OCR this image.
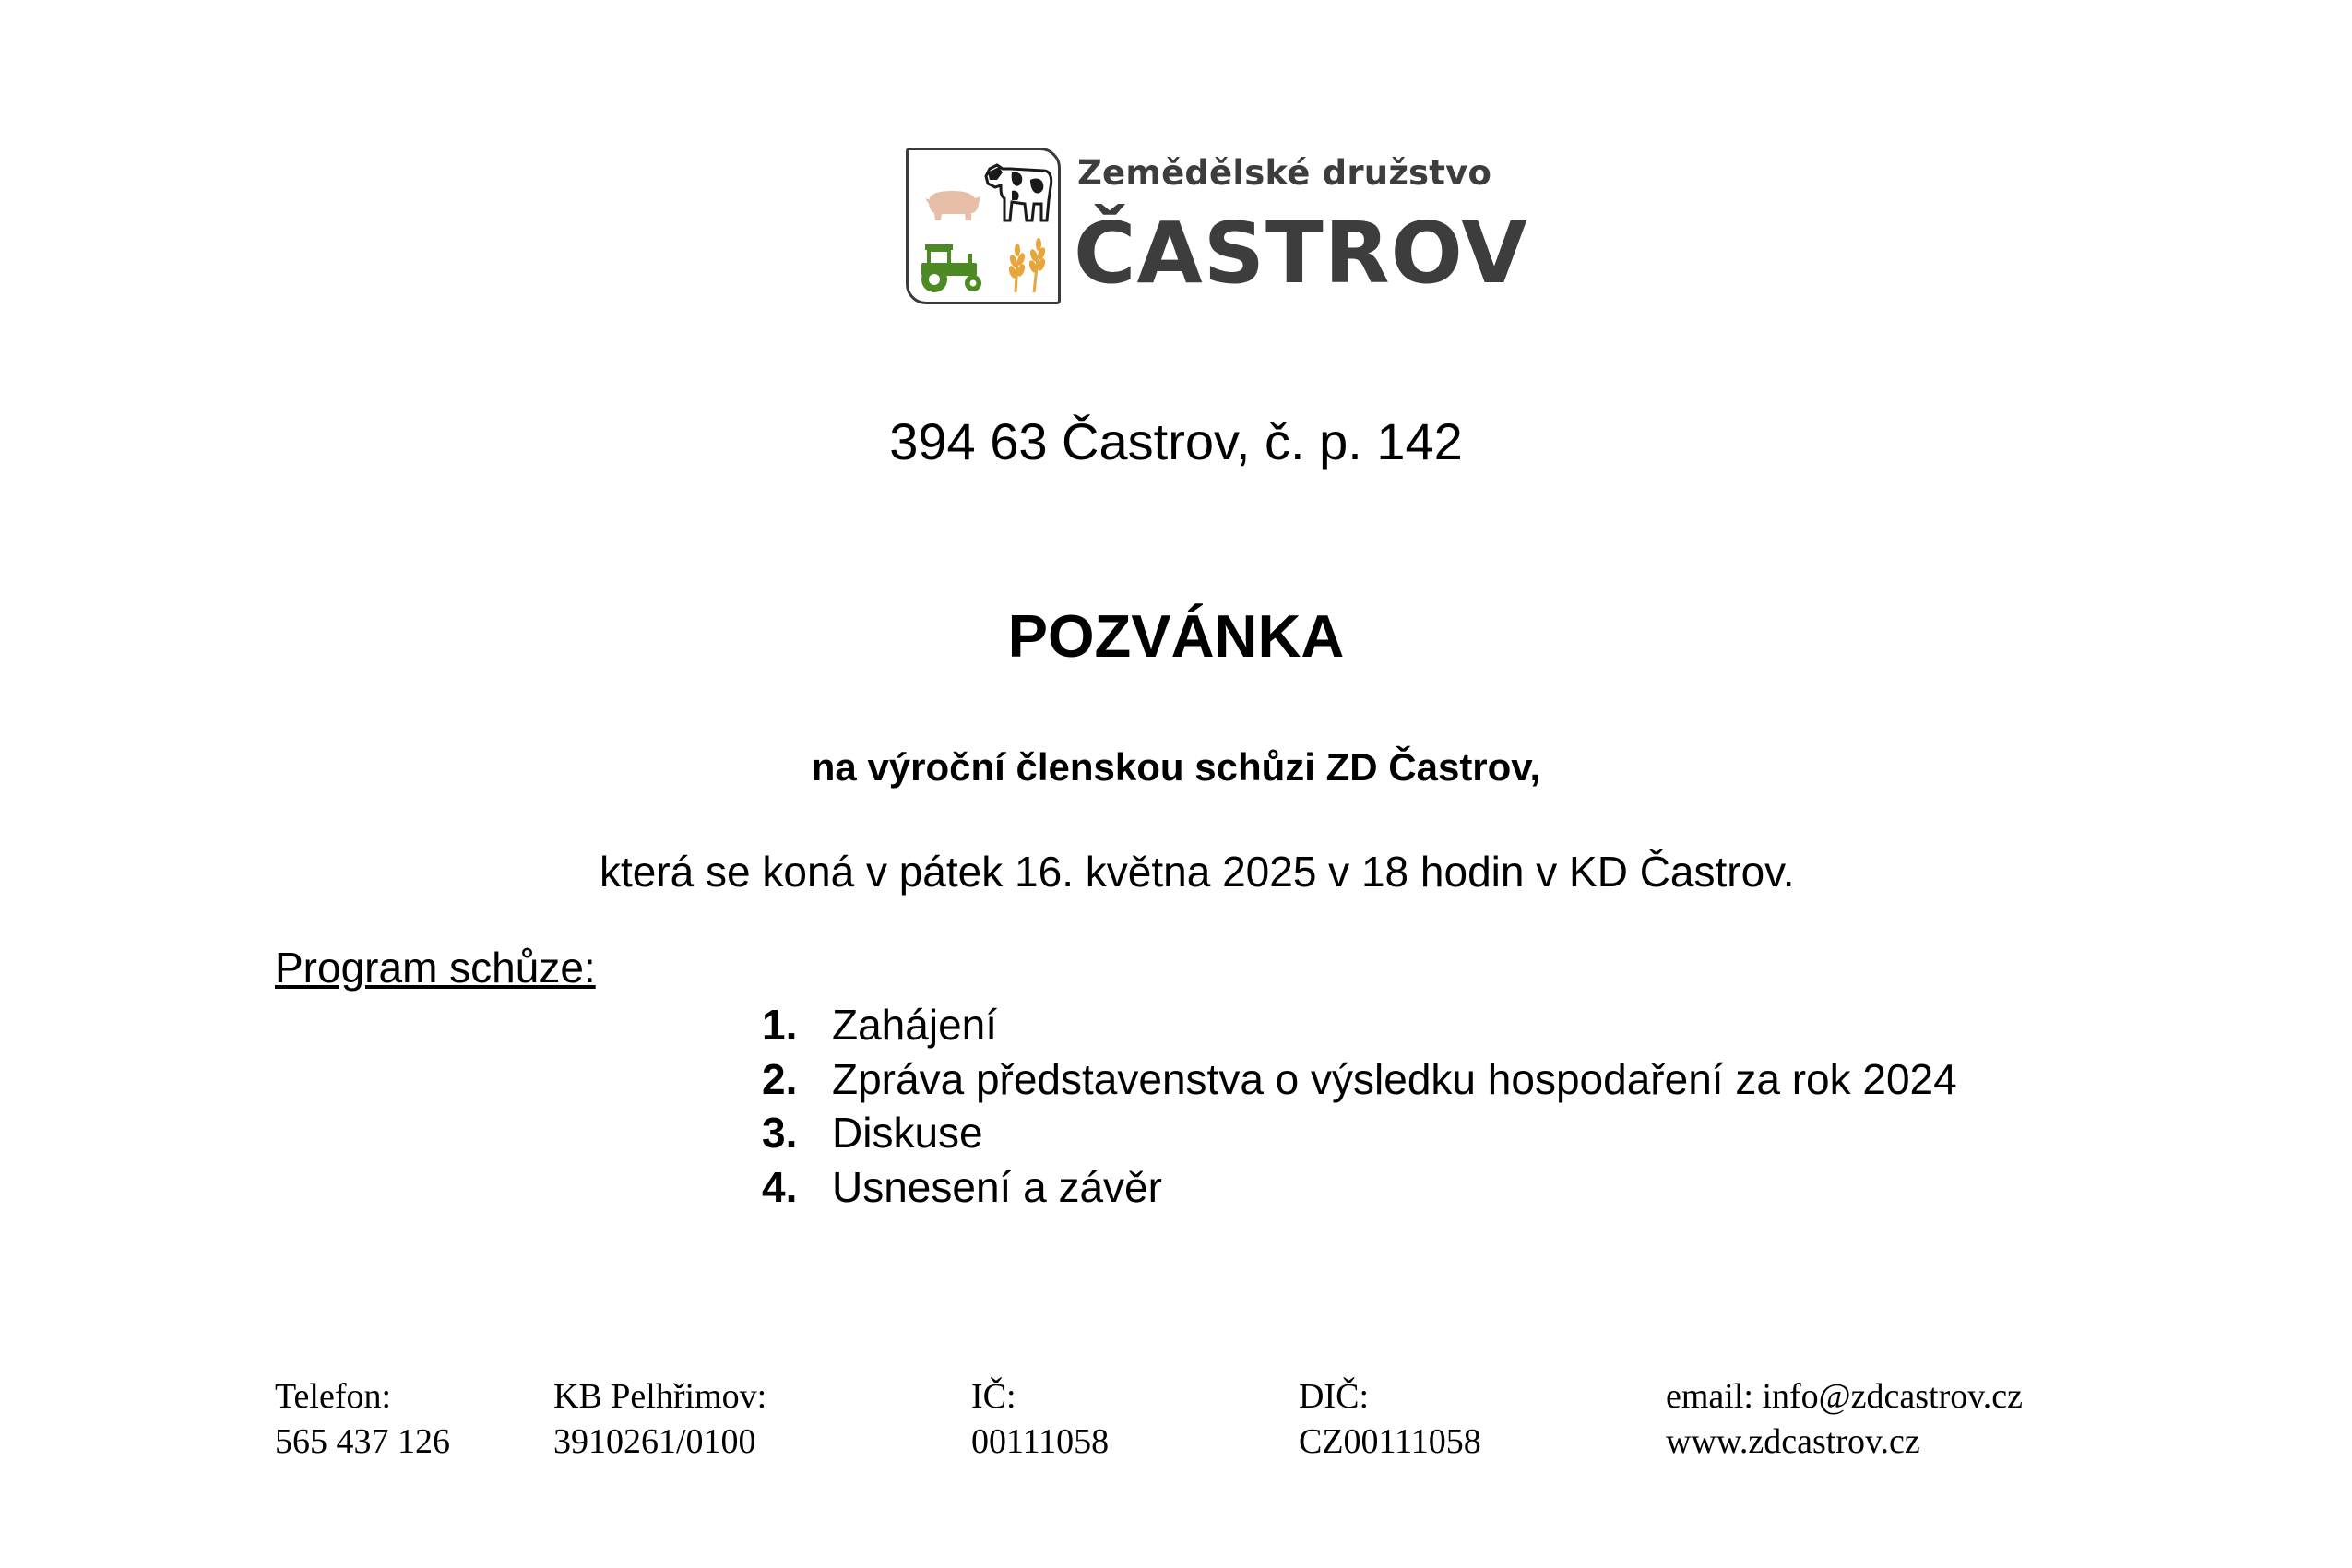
Zemědělské družstvo
ČASTROV
394 63 Častrov, č. p. 142
POZVÁNKA
na výroční členskou schůzi ZD Častrov,
která se koná v pátek 16. května 2025 v 18 hodin v KD Častrov.
Program schůze:
1. Zahájení
2. Zpráva představenstva o výsledku hospodaření za rok 2024
3. Diskuse
4. Usnesení a závěr
Telefon:
565 437 126
KB Pelhřimov:
3910261/0100
IČ:
00111058
DIČ:
CZ00111058
email: info@zdcastrov.cz
www.zdcastrov.cz
